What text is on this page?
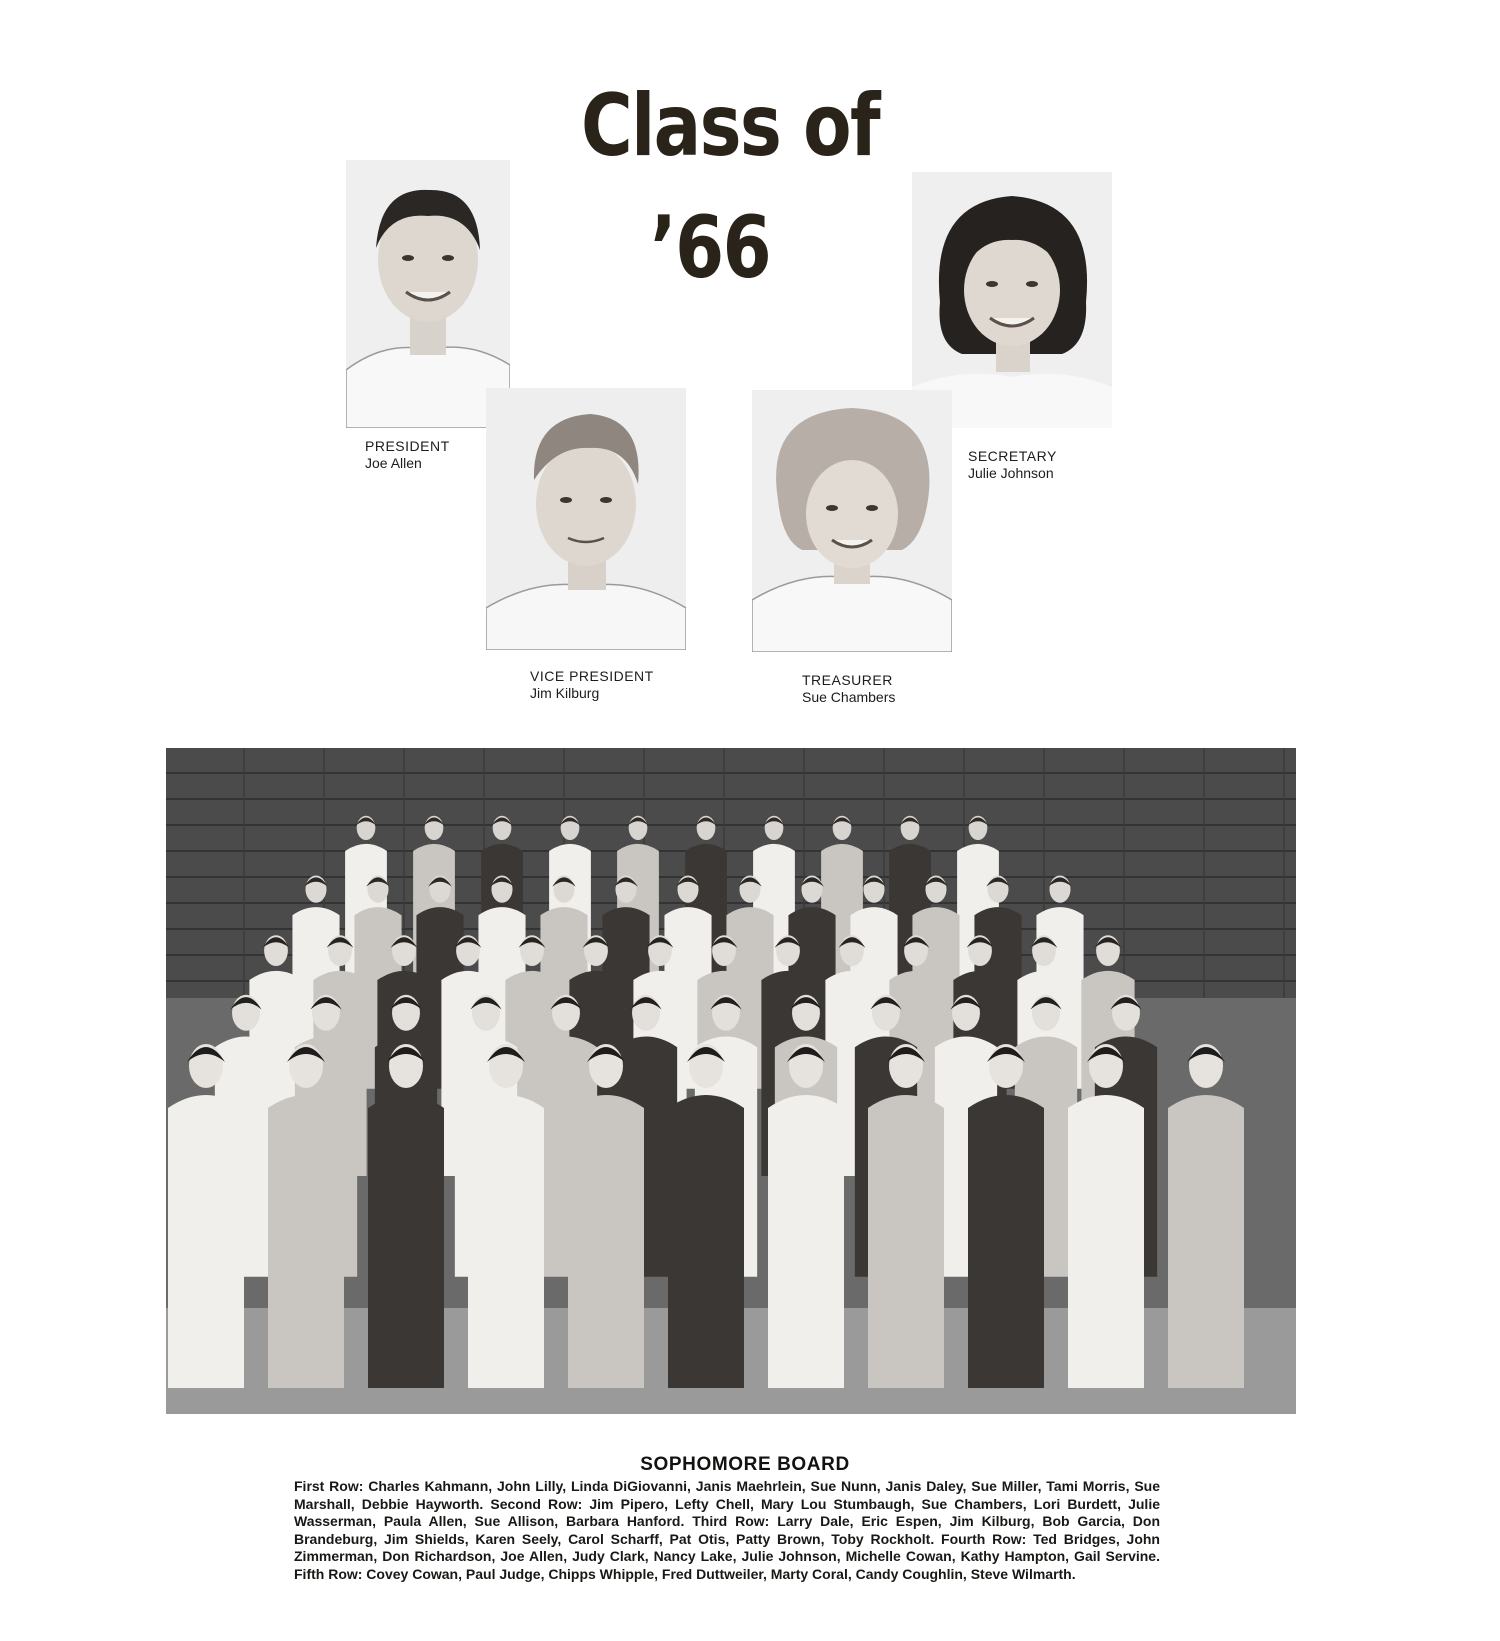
Class of
’66
PRESIDENT
Joe Allen	SECRETARY
Julie Johnson
VICE PRESIDENT
Jim Kilburg
TREASURER
Sue Chambers
SOPHOMORE BOARD
First Row: Charles Kahmann, John Lilly, Linda DiGiovanni, Janis Maehrlein, Sue Nunn, Janis Daley, Sue Miller, Tami Morris, Sue Marshall, Debbie Hayworth. Second Row: Jim Pipero, Lefty Chell, Mary Lou Stumbaugh, Sue Chambers, Lori Burdett, Julie Wasserman, Paula Allen, Sue Allison, Barbara Hanford. Third Row: Larry Dale, Eric Espen, Jim Kilburg, Bob Garcia, Don Brandeburg, Jim Shields, Karen Seely, Carol Scharff, Pat Otis, Patty Brown, Toby Rockholt. Fourth Row: Ted Bridges, John Zimmerman, Don Richardson, Joe Allen, Judy Clark, Nancy Lake, Julie Johnson, Michelle Cowan, Kathy Hampton, Gail Servine. Fifth Row: Covey Cowan, Paul Judge, Chipps Whipple, Fred Duttweiler, Marty Coral, Candy Coughlin, Steve Wilmarth.
